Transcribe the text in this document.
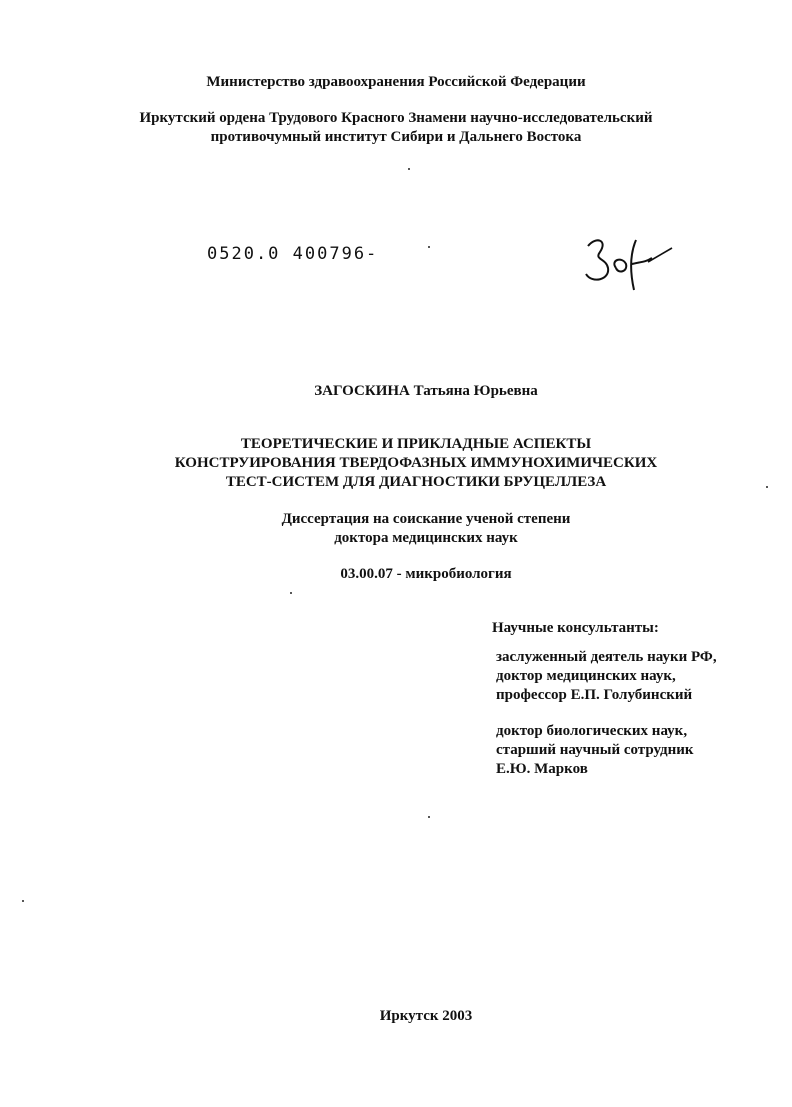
Министерство здравоохранения Российской Федерации
Иркутский ордена Трудового Красного Знамени научно-исследовательский
противочумный институт Сибири и Дальнего Востока
0520.0 400796-
ЗАГОСКИНА Татьяна Юрьевна
ТЕОРЕТИЧЕСКИЕ И ПРИКЛАДНЫЕ АСПЕКТЫ
КОНСТРУИРОВАНИЯ ТВЕРДОФАЗНЫХ ИММУНОХИМИЧЕСКИХ
ТЕСТ-СИСТЕМ ДЛЯ ДИАГНОСТИКИ БРУЦЕЛЛЕЗА
Диссертация на соискание ученой степени
доктора медицинских наук
03.00.07 - микробиология
Научные консультанты:
заслуженный деятель науки РФ,
доктор медицинских наук,
профессор Е.П. Голубинский
доктор биологических наук,
старший научный сотрудник
Е.Ю. Марков
Иркутск 2003
